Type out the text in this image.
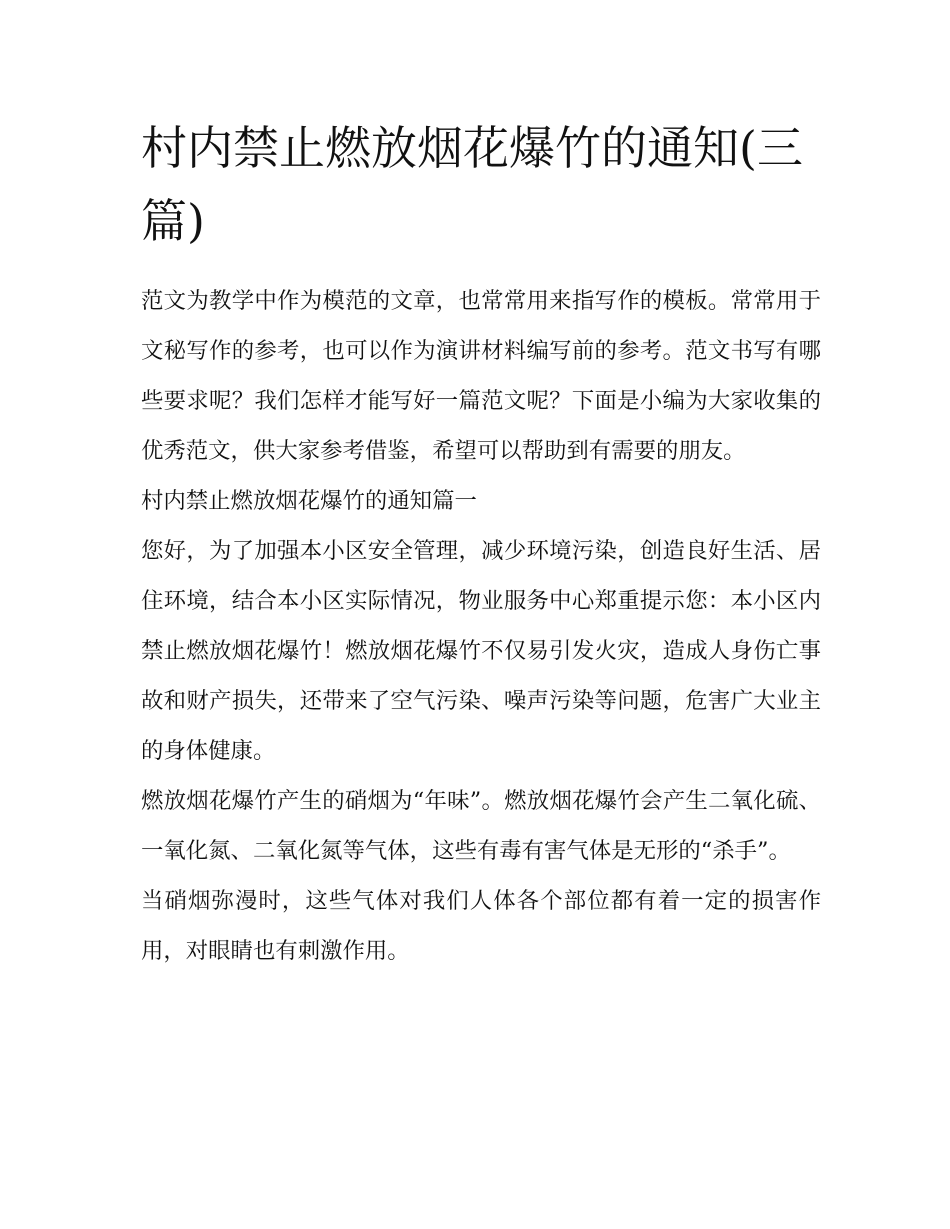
村内禁止燃放烟花爆竹的通知(三篇)

范文为教学中作为模范的文章，也常常用来指写作的模板。常常用于文秘写作的参考，也可以作为演讲材料编写前的参考。范文书写有哪些要求呢？我们怎样才能写好一篇范文呢？下面是小编为大家收集的优秀范文，供大家参考借鉴，希望可以帮助到有需要的朋友。

村内禁止燃放烟花爆竹的通知篇一

您好，为了加强本小区安全管理，减少环境污染，创造良好生活、居住环境，结合本小区实际情况，物业服务中心郑重提示您：本小区内禁止燃放烟花爆竹！燃放烟花爆竹不仅易引发火灾，造成人身伤亡事故和财产损失，还带来了空气污染、噪声污染等问题，危害广大业主的身体健康。

燃放烟花爆竹产生的硝烟为“年味”。燃放烟花爆竹会产生二氧化硫、一氧化氮、二氧化氮等气体，这些有毒有害气体是无形的“杀手”。

当硝烟弥漫时，这些气体对我们人体各个部位都有着一定的损害作用，对眼睛也有刺激作用。
